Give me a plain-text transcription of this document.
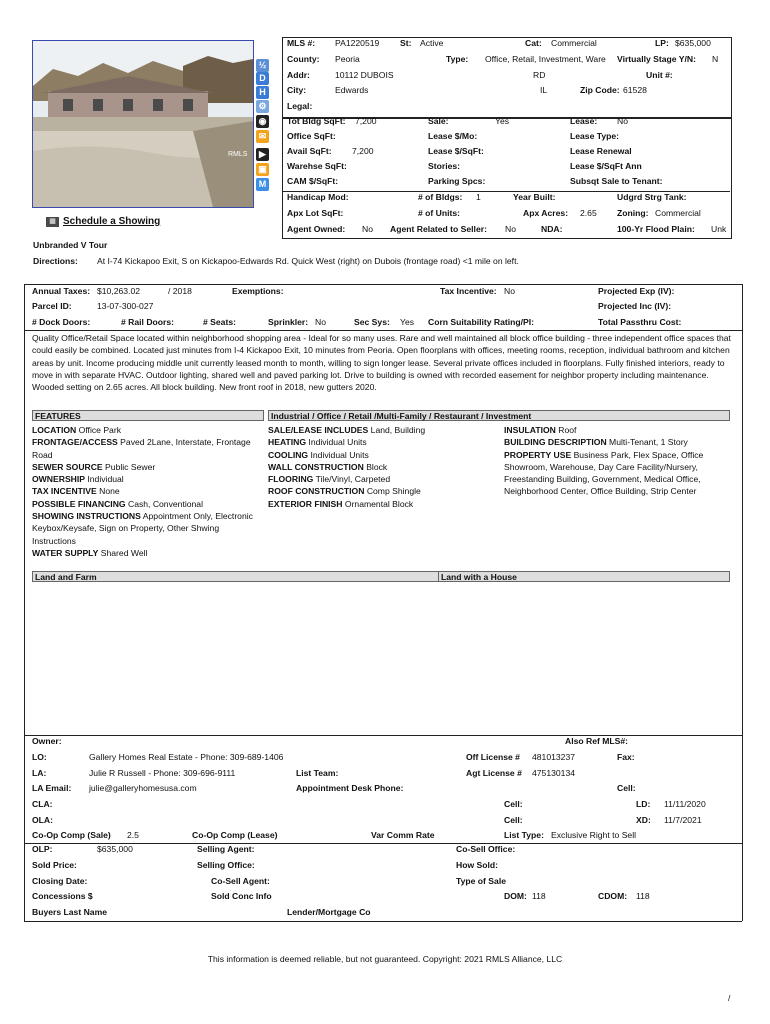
RMLS
½
D
H
⚙
◉
✉
▶
▣
M
MLS #: PA1220519 St: Active	Cat: Commercial	LP: $635,000
County: Peoria	Type: Office, Retail, Investment, Ware Virtually Stage Y/N: N
Addr:	10112 DUBOIS	RD	Unit #:
City:	Edwards	IL	Zip Code: 61528
Legal:
Tot Bldg SqFt: 7,200	Sale:	Yes	Lease: No
Office SqFt:	Lease $/Mo:	Lease Type:
Avail SqFt: 7,200	Lease $/SqFt:	Lease Renewal
Warehse SqFt:	Stories:	Lease $/SqFt Ann
CAM $/SqFt:	Parking Spcs:	Subsqt Sale to Tenant:
Handicap Mod:	# of Bldgs: 1	Year Built:	Udgrd Strg Tank:
Apx Lot SqFt:	# of Units:	Apx Acres: 2.65 Zoning: Commercial
Agent Owned: No Agent Related to Seller: No	NDA:	100-Yr Flood Plain: Unk
▦ Schedule a Showing
Unbranded V Tour
Directions: At I-74 Kickapoo Exit, S on Kickapoo-Edwards Rd. Quick West (right) on Dubois (frontage road) <1 mile on left.
Annual Taxes: $10,263.02	/ 2018	Exemptions:	Tax Incentive: No	Projected Exp (IV):
Parcel ID:	13-07-300-027	Projected Inc (IV):
# Dock Doors:	# Rail Doors:	# Seats:	Sprinkler: No	Sec Sys: Yes Corn Suitability Rating/PI:	Total Passthru Cost:
Quality Office/Retail Space located within neighborhood shopping area - Ideal for so many uses. Rare and well maintained all block office building - three independent office spaces that could easily be combined. Located just minutes from I-4 Kickapoo Exit, 10 minutes from Peoria. Open floorplans with offices, meeting rooms, reception, individual bathroom and kitchen areas by unit. Income producing middle unit currently leased month to month, willing to sign longer lease. Several private offices included in floorplans. Fully finished interiors, ready to move in with separate HVAC. Outdoor lighting, shared well and paved parking lot. Drive to building is owned with recorded easement for neighbor property including maintenance. Wooded setting on 2.65 acres. All block building. New front roof in 2018, new gutters 2020.
FEATURES	Industrial / Office / Retail /Multi-Family / Restaurant / Investment
LOCATION Office Park
FRONTAGE/ACCESS Paved 2Lane, Interstate, Frontage Road
SEWER SOURCE Public Sewer
OWNERSHIP Individual
TAX INCENTIVE None
POSSIBLE FINANCING Cash, Conventional
SHOWING INSTRUCTIONS Appointment Only, Electronic Keybox/Keysafe, Sign on Property, Other Shwing Instructions
WATER SUPPLY Shared Well
SALE/LEASE INCLUDES Land, Building
HEATING Individual Units
COOLING Individual Units
WALL CONSTRUCTION Block
FLOORING Tile/Vinyl, Carpeted
ROOF CONSTRUCTION Comp Shingle
EXTERIOR FINISH Ornamental Block
INSULATION Roof
BUILDING DESCRIPTION Multi-Tenant, 1 Story
PROPERTY USE Business Park, Flex Space, Office Showroom, Warehouse, Day Care Facility/Nursery, Freestanding Building, Government, Medical Office, Neighborhood Center, Office Building, Strip Center
Land and Farm	Land with a House
Owner:	Also Ref MLS#:
LO:	Gallery Homes Real Estate - Phone: 309-689-1406	Off License # 481013237	Fax:
LA:	Julie R Russell - Phone: 309-696-9111	List Team:	Agt License # 475130134
LA Email: julie@galleryhomesusa.com	Appointment Desk Phone:	Cell:
CLA:	Cell:	LD: 11/11/2020
OLA:	Cell:	XD: 11/7/2021
Co-Op Comp (Sale) 2.5	Co-Op Comp (Lease)	Var Comm Rate	List Type: Exclusive Right to Sell
OLP:	$635,000	Selling Agent:	Co-Sell Office:
Sold Price:	Selling Office:	How Sold:
Closing Date:	Co-Sell Agent:	Type of Sale
Concessions $	Sold Conc Info	DOM: 118	CDOM: 118
Buyers Last Name	Lender/Mortgage Co
This information is deemed reliable, but not guaranteed. Copyright: 2021 RMLS Alliance, LLC
/
